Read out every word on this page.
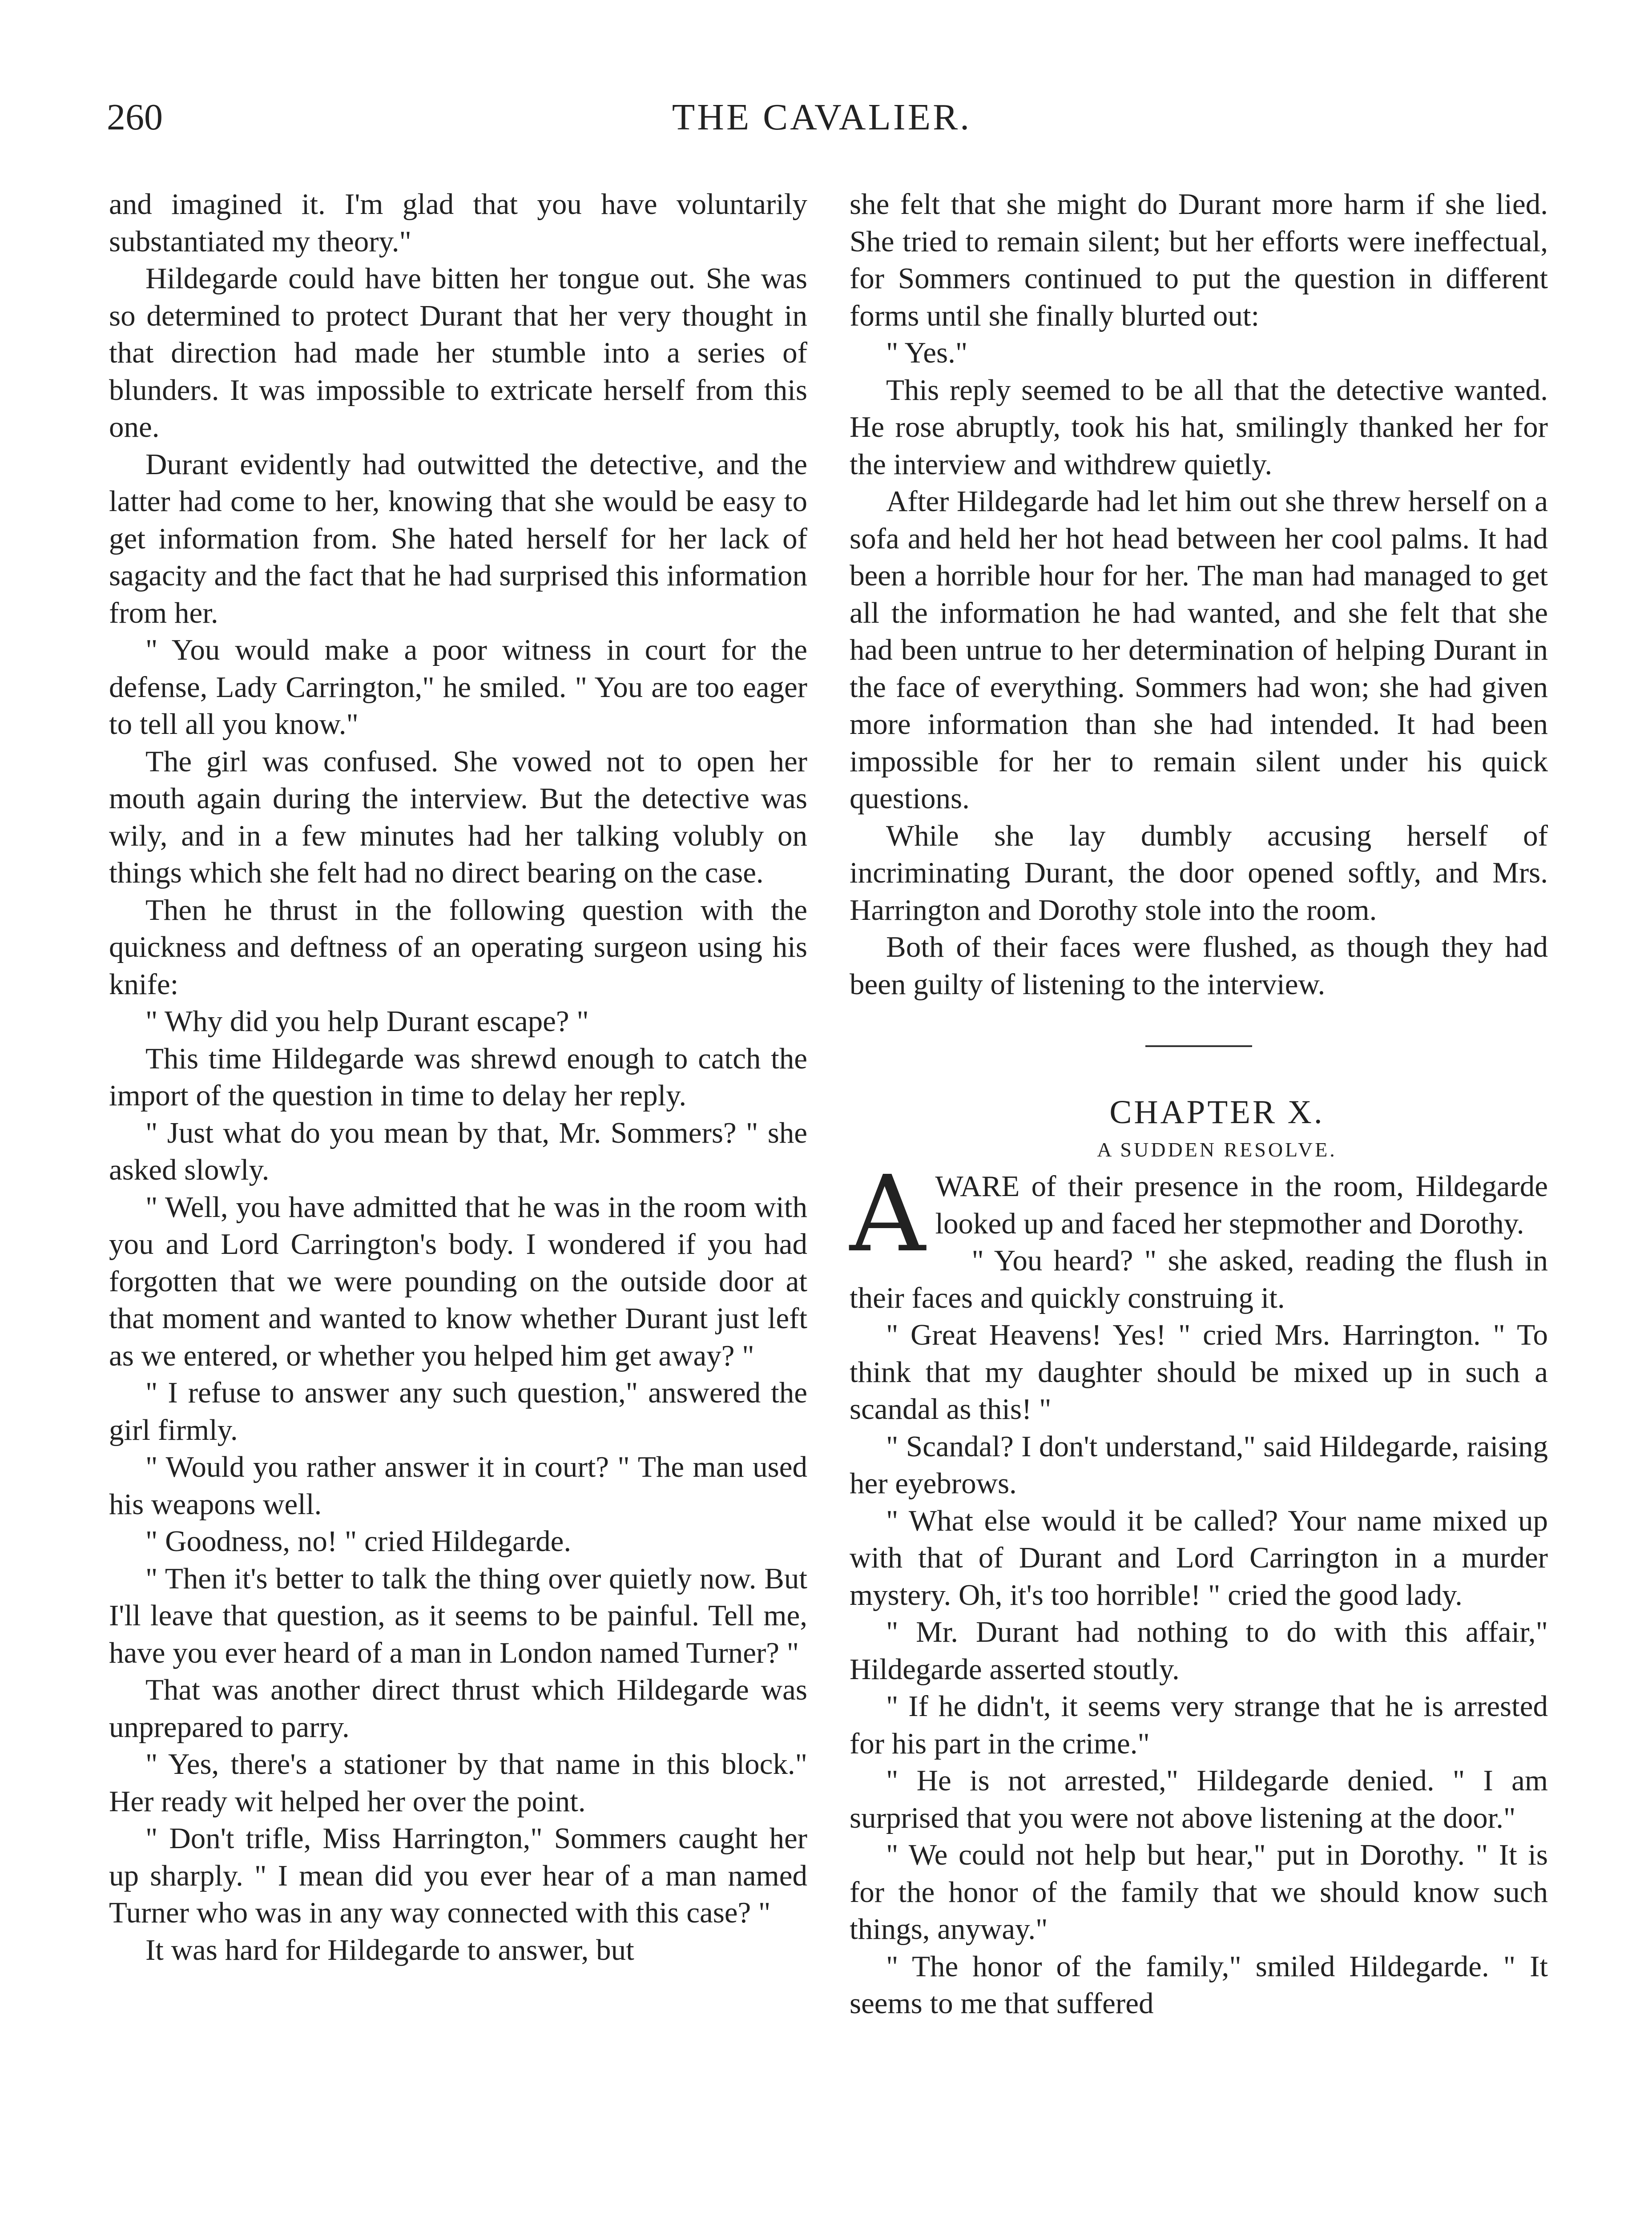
260	THE CAVALIER.

and imagined it. I'm glad that you have voluntarily substantiated my theory."

Hildegarde could have bitten her tongue out. She was so determined to protect Durant that her very thought in that direction had made her stumble into a series of blunders. It was impossible to extricate herself from this one.

Durant evidently had outwitted the detective, and the latter had come to her, knowing that she would be easy to get information from. She hated herself for her lack of sagacity and the fact that he had surprised this information from her.

" You would make a poor witness in court for the defense, Lady Carrington," he smiled. " You are too eager to tell all you know."

The girl was confused. She vowed not to open her mouth again during the interview. But the detective was wily, and in a few minutes had her talking volubly on things which she felt had no direct bearing on the case.

Then he thrust in the following question with the quickness and deftness of an operating surgeon using his knife:

" Why did you help Durant escape? "

This time Hildegarde was shrewd enough to catch the import of the question in time to delay her reply.

" Just what do you mean by that, Mr. Sommers? " she asked slowly.

" Well, you have admitted that he was in the room with you and Lord Carrington's body. I wondered if you had forgotten that we were pounding on the outside door at that moment and wanted to know whether Durant just left as we entered, or whether you helped him get away? "

" I refuse to answer any such question," answered the girl firmly.

" Would you rather answer it in court? " The man used his weapons well.

" Goodness, no! " cried Hildegarde.

" Then it's better to talk the thing over quietly now. But I'll leave that question, as it seems to be painful. Tell me, have you ever heard of a man in London named Turner? "

That was another direct thrust which Hildegarde was unprepared to parry.

" Yes, there's a stationer by that name in this block." Her ready wit helped her over the point.

" Don't trifle, Miss Harrington," Sommers caught her up sharply. " I mean did you ever hear of a man named Turner who was in any way connected with this case? "

It was hard for Hildegarde to answer, but

she felt that she might do Durant more harm if she lied. She tried to remain silent; but her efforts were ineffectual, for Sommers continued to put the question in different forms until she finally blurted out:

" Yes."

This reply seemed to be all that the detective wanted. He rose abruptly, took his hat, smilingly thanked her for the interview and withdrew quietly.

After Hildegarde had let him out she threw herself on a sofa and held her hot head between her cool palms. It had been a horrible hour for her. The man had managed to get all the information he had wanted, and she felt that she had been untrue to her determination of helping Durant in the face of everything. Sommers had won; she had given more information than she had intended. It had been impossible for her to remain silent under his quick questions.

While she lay dumbly accusing herself of incriminating Durant, the door opened softly, and Mrs. Harrington and Dorothy stole into the room.

Both of their faces were flushed, as though they had been guilty of listening to the interview.

CHAPTER X.

A SUDDEN RESOLVE.

AWARE of their presence in the room, Hildegarde looked up and faced her stepmother and Dorothy.

" You heard? " she asked, reading the flush in their faces and quickly construing it.

" Great Heavens! Yes! " cried Mrs. Harrington. " To think that my daughter should be mixed up in such a scandal as this! "

" Scandal? I don't understand," said Hildegarde, raising her eyebrows.

" What else would it be called? Your name mixed up with that of Durant and Lord Carrington in a murder mystery. Oh, it's too horrible! " cried the good lady.

" Mr. Durant had nothing to do with this affair," Hildegarde asserted stoutly.

" If he didn't, it seems very strange that he is arrested for his part in the crime."

" He is not arrested," Hildegarde denied. " I am surprised that you were not above listening at the door."

" We could not help but hear," put in Dorothy. " It is for the honor of the family that we should know such things, anyway."

" The honor of the family," smiled Hildegarde. " It seems to me that suffered
